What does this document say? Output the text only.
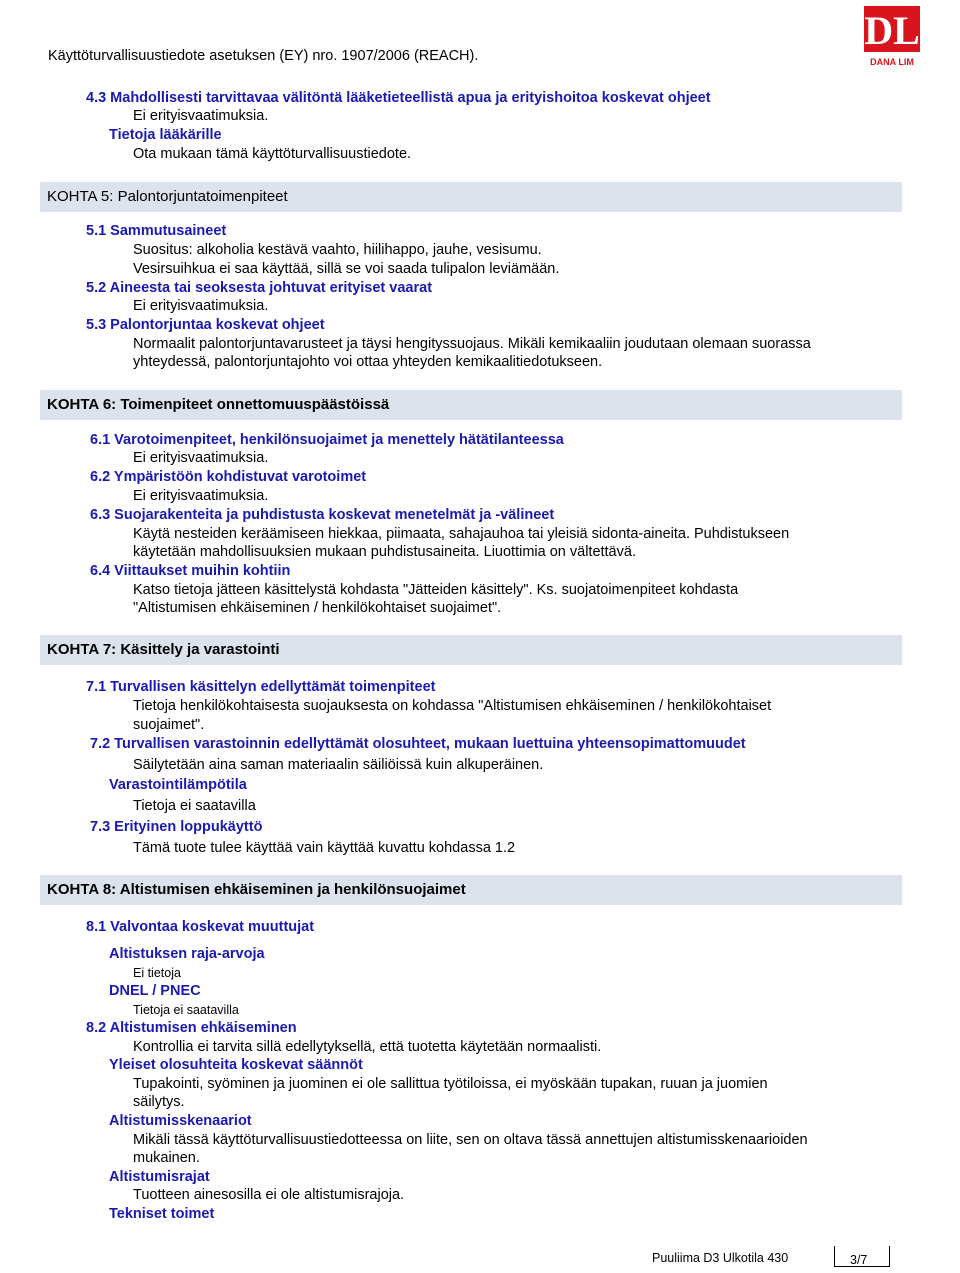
Käyttöturvallisuustiedote asetuksen (EY) nro. 1907/2006 (REACH).
DL
DANA LIM
4.3 Mahdollisesti tarvittavaa välitöntä lääketieteellistä apua ja erityishoitoa koskevat ohjeet
Ei erityisvaatimuksia.
Tietoja lääkärille
Ota mukaan tämä käyttöturvallisuustiedote.
KOHTA 5: Palontorjuntatoimenpiteet
5.1 Sammutusaineet
Suositus: alkoholia kestävä vaahto, hiilihappo, jauhe, vesisumu.
Vesirsuihkua ei saa käyttää, sillä se voi saada tulipalon leviämään.
5.2 Aineesta tai seoksesta johtuvat erityiset vaarat
Ei erityisvaatimuksia.
5.3 Palontorjuntaa koskevat ohjeet
Normaalit palontorjuntavarusteet ja täysi hengityssuojaus. Mikäli kemikaaliin joudutaan olemaan suorassa
yhteydessä, palontorjuntajohto voi ottaa yhteyden kemikaalitiedotukseen.
KOHTA 6: Toimenpiteet onnettomuuspäästöissä
6.1 Varotoimenpiteet, henkilönsuojaimet ja menettely hätätilanteessa
Ei erityisvaatimuksia.
6.2 Ympäristöön kohdistuvat varotoimet
Ei erityisvaatimuksia.
6.3 Suojarakenteita ja puhdistusta koskevat menetelmät ja -välineet
Käytä nesteiden keräämiseen hiekkaa, piimaata, sahajauhoa tai yleisiä sidonta-aineita. Puhdistukseen
käytetään mahdollisuuksien mukaan puhdistusaineita. Liuottimia on vältettävä.
6.4 Viittaukset muihin kohtiin
Katso tietoja jätteen käsittelystä kohdasta "Jätteiden käsittely". Ks. suojatoimenpiteet kohdasta
"Altistumisen ehkäiseminen / henkilökohtaiset suojaimet".
KOHTA 7: Käsittely ja varastointi
7.1 Turvallisen käsittelyn edellyttämät toimenpiteet
Tietoja henkilökohtaisesta suojauksesta on kohdassa "Altistumisen ehkäiseminen / henkilökohtaiset
suojaimet".
7.2 Turvallisen varastoinnin edellyttämät olosuhteet, mukaan luettuina yhteensopimattomuudet
Säilytetään aina saman materiaalin säiliöissä kuin alkuperäinen.
Varastointilämpötila
Tietoja ei saatavilla
7.3 Erityinen loppukäyttö
Tämä tuote tulee käyttää vain käyttää kuvattu kohdassa 1.2
KOHTA 8: Altistumisen ehkäiseminen ja henkilönsuojaimet
8.1 Valvontaa koskevat muuttujat
Altistuksen raja-arvoja
Ei tietoja
DNEL / PNEC
Tietoja ei saatavilla
8.2 Altistumisen ehkäiseminen
Kontrollia ei tarvita sillä edellytyksellä, että tuotetta käytetään normaalisti.
Yleiset olosuhteita koskevat säännöt
Tupakointi, syöminen ja juominen ei ole sallittua työtiloissa, ei myöskään tupakan, ruuan ja juomien
säilytys.
Altistumisskenaariot
Mikäli tässä käyttöturvallisuustiedotteessa on liite, sen on oltava tässä annettujen altistumisskenaarioiden
mukainen.
Altistumisrajat
Tuotteen ainesosilla ei ole altistumisrajoja.
Tekniset toimet
Puuliima D3 Ulkotila 430	3/7
